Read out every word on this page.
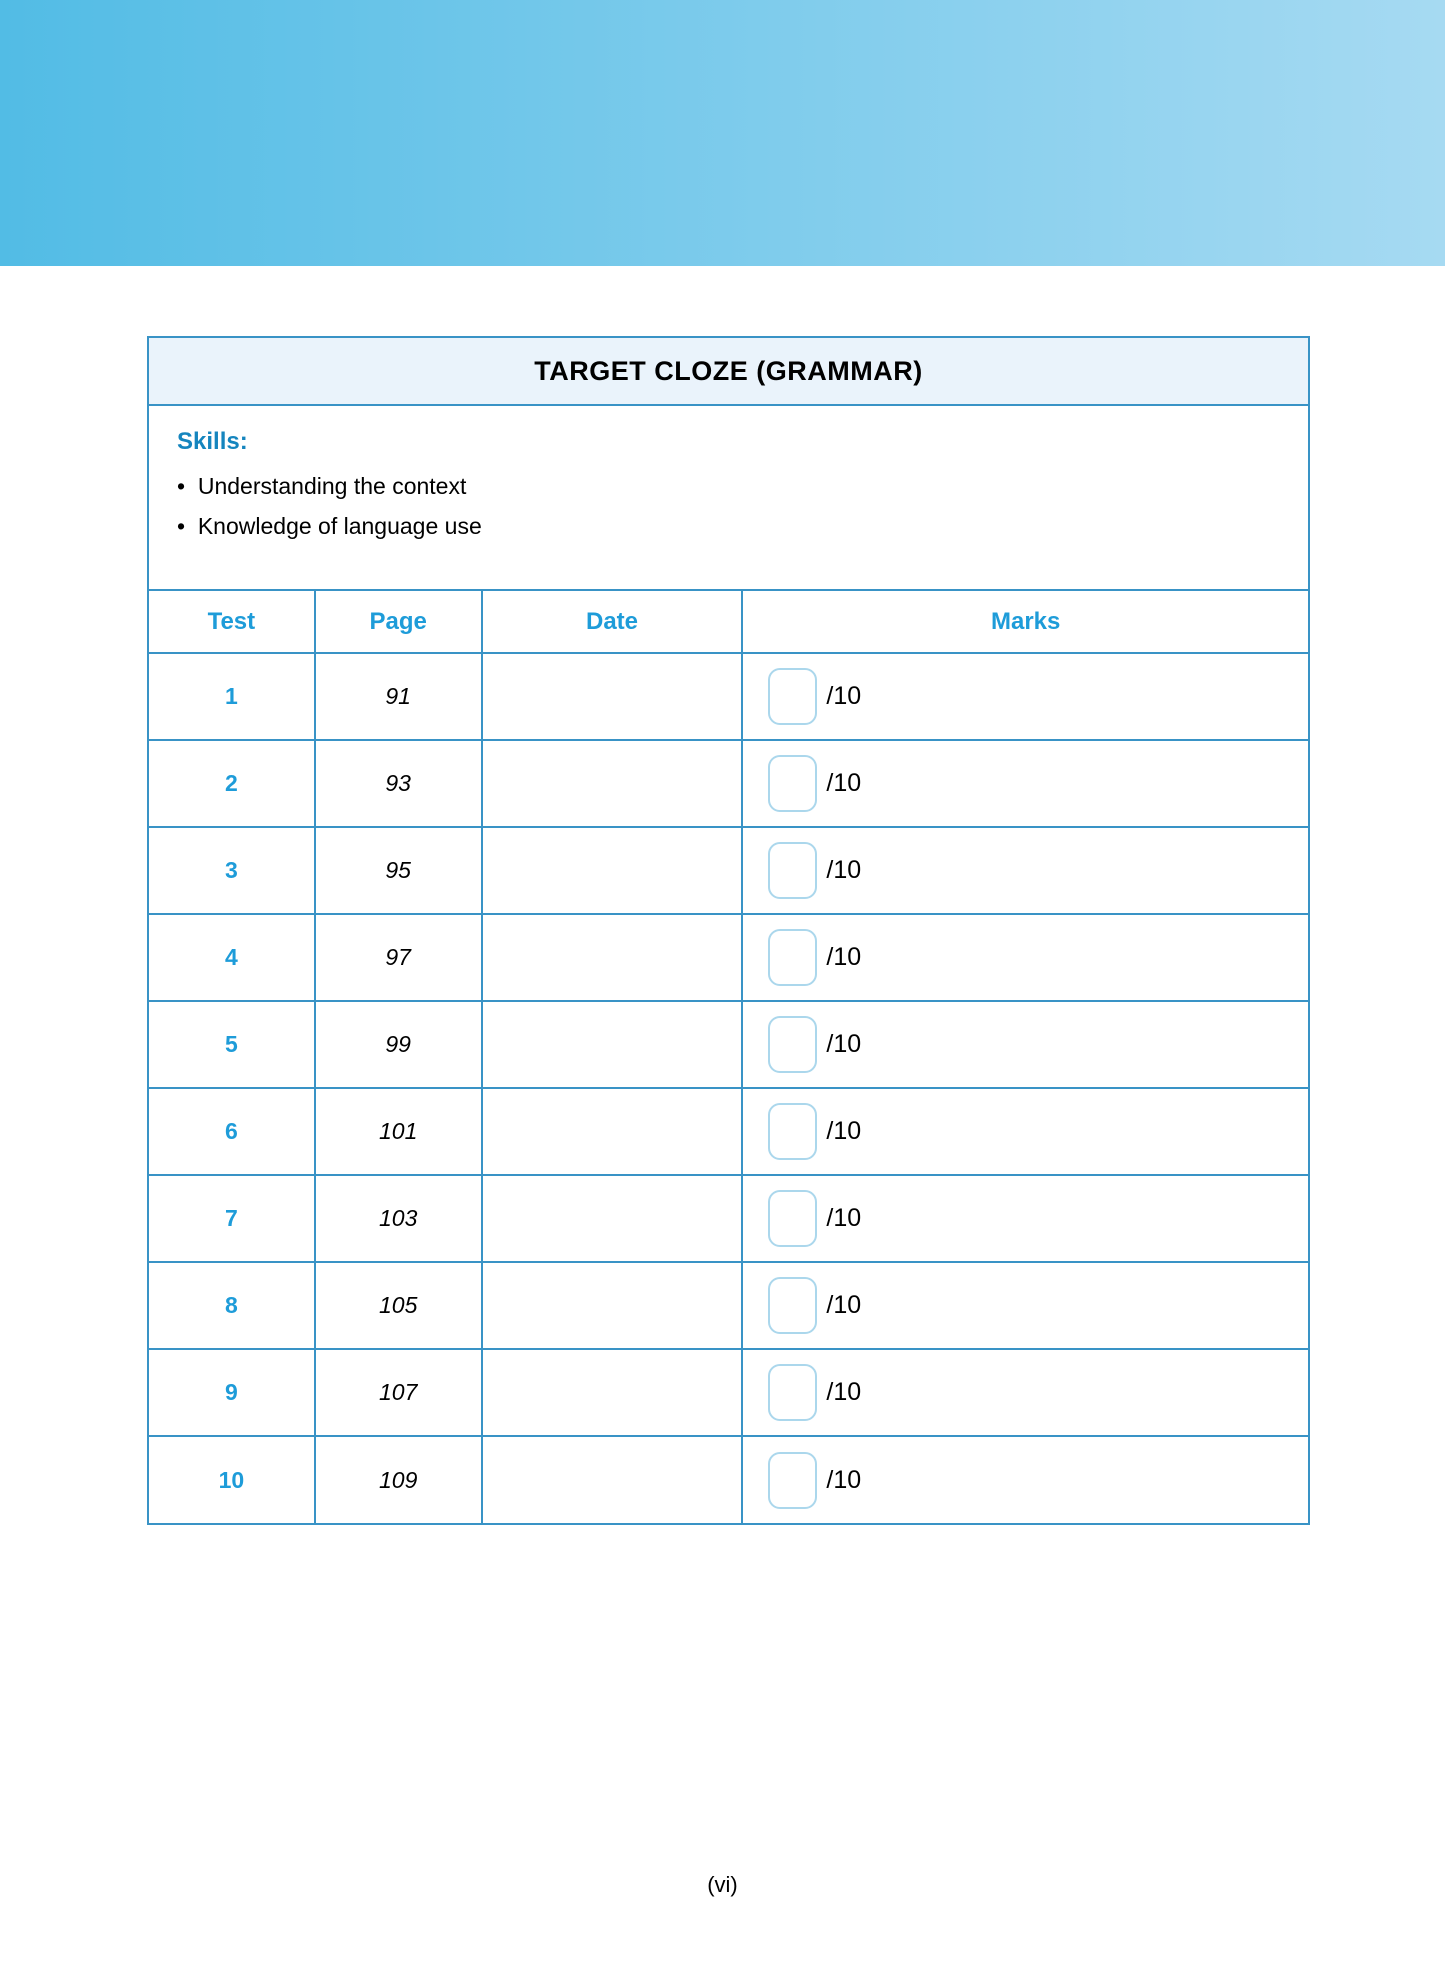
TARGET CLOZE (GRAMMAR)
Skills:
•  Understanding the context
•  Knowledge of language use
Test	Page	Date	Marks
1	91		/10

2	93		/10

3	95		/10

4	97		/10

5	99		/10

6	101		/10

7	103		/10

8	105		/10

9	107		/10

10	109		/10
(vi)
